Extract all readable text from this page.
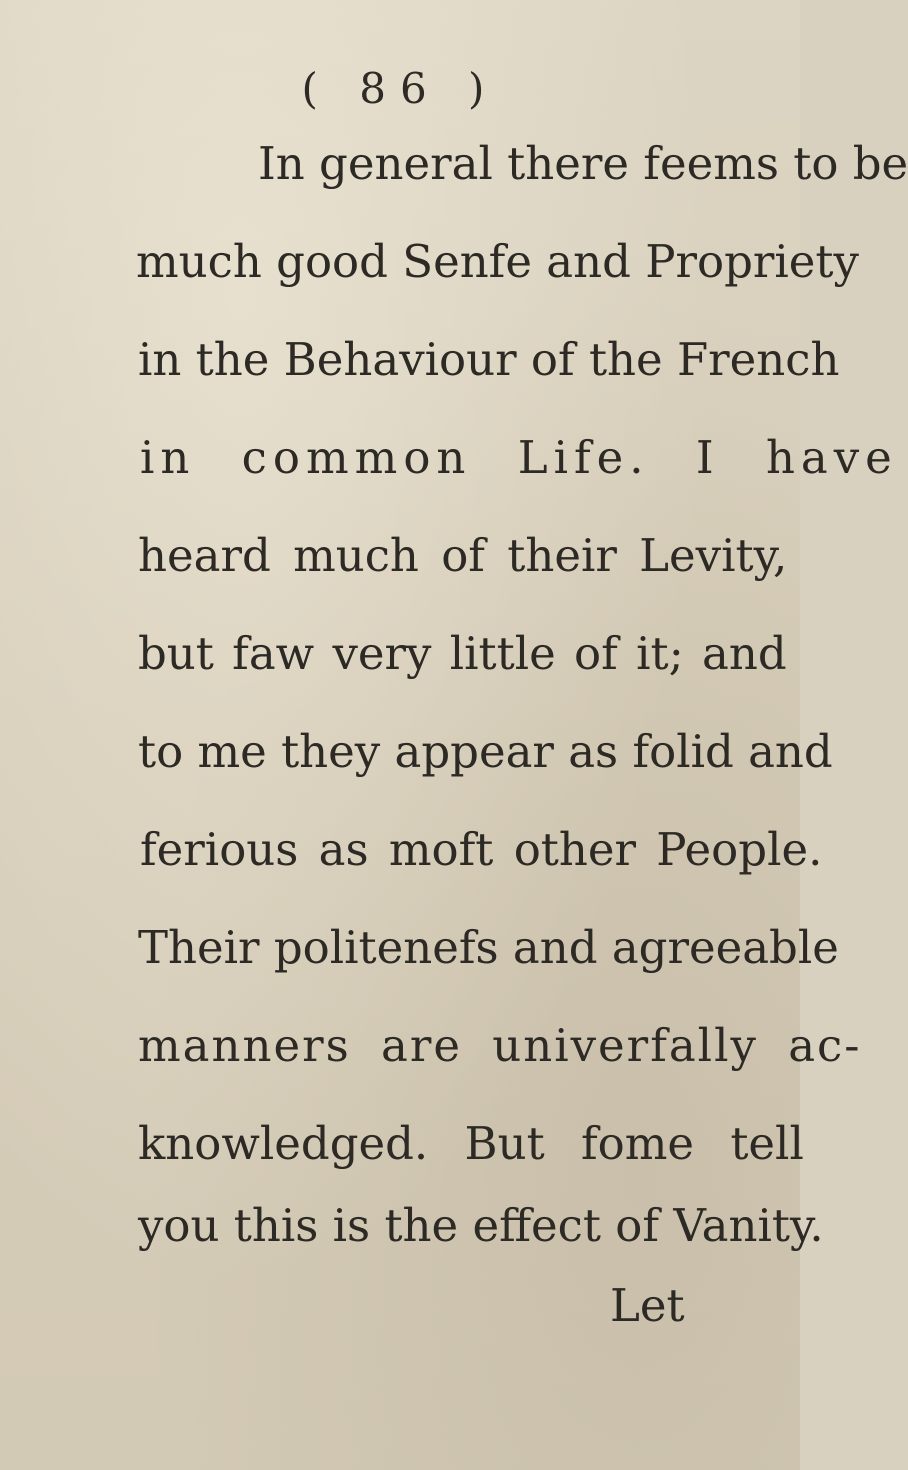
( 86 )
In general there feems to be
much good Senfe and Propriety
in the Behaviour of the French
in common Life. I have
heard much of their Levity,
but faw very little of it; and
to me they appear as folid and
ferious as moft other People.
Their politenefs and agreeable
manners are univerfally ac-
knowledged. But fome tell
you this is the effect of Vanity.
Let
